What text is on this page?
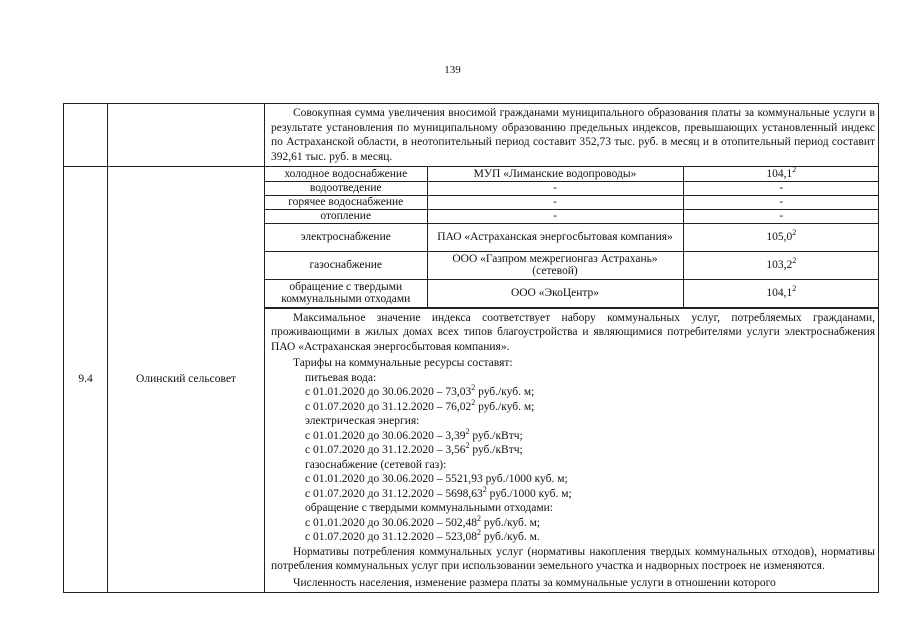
139

Совокупная сумма увеличения вносимой гражданами муниципального образования платы за коммунальные услуги в результате установления по муниципальному образованию предельных индексов, превышающих установленный индекс по Астраханской области, в неотопительный период составит 352,73 тыс. руб. в месяц и в отопительный период составит 392,61 тыс. руб. в месяц.

9.4	Олинский сельсовет	
холодное водоснабжение	МУП «Лиманские водопроводы»	104,1$^2$
водоотведение	-	-
горячее водоснабжение	-	-
отопление	-	-
электроснабжение	ПАО «Астраханская энергосбытовая компания»	105,0$^2$
газоснабжение	ООО «Газпром межрегионгаз Астрахань» (сетевой)	103,2$^2$
обращение с твердыми коммунальными отходами	ООО «ЭкоЦентр»	104,1$^2$

Максимальное значение индекса соответствует набору коммунальных услуг, потребляемых гражданами, проживающими в жилых домах всех типов благоустройства и являющимися потребителями услуги электроснабжения ПАО «Астраханская энергосбытовая компания».
Тарифы на коммунальные ресурсы составят:
питьевая вода:
с 01.01.2020 до 30.06.2020 – 73,03$^2$ руб./куб. м;
с 01.07.2020 до 31.12.2020 – 76,02$^2$ руб./куб. м;
электрическая энергия:
с 01.01.2020 до 30.06.2020 – 3,39$^2$ руб./кВтч;
с 01.07.2020 до 31.12.2020 – 3,56$^2$ руб./кВтч;
газоснабжение (сетевой газ):
с 01.01.2020 до 30.06.2020 – 5521,93 руб./1000 куб. м;
с 01.07.2020 до 31.12.2020 – 5698,63$^2$ руб./1000 куб. м;
обращение с твердыми коммунальными отходами:
с 01.01.2020 до 30.06.2020 – 502,48$^2$ руб./куб. м;
с 01.07.2020 до 31.12.2020 – 523,08$^2$ руб./куб. м.
Нормативы потребления коммунальных услуг (нормативы накопления твердых коммунальных отходов), нормативы потребления коммунальных услуг при использовании земельного участка и надворных построек не изменяются.
Численность населения, изменение размера платы за коммунальные услуги в отношении которого
